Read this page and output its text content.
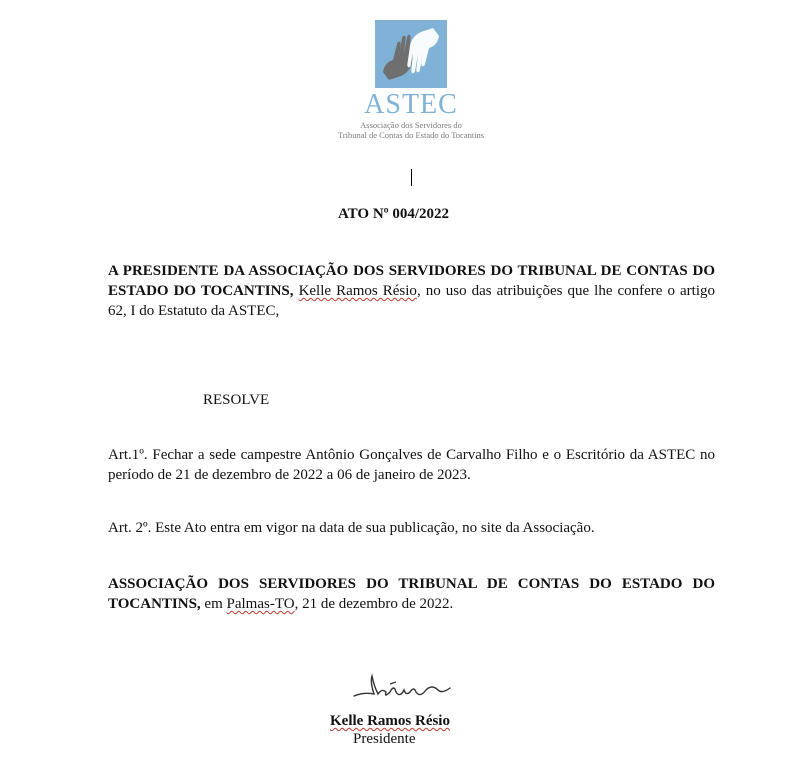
ASTEC
Associação dos Servidores do
Tribunal de Contas do Estado do Tocantins
ATO Nº 004/2022
A PRESIDENTE DA ASSOCIAÇÃO DOS SERVIDORES DO TRIBUNAL DE CONTAS DO ESTADO DO TOCANTINS, Kelle Ramos Résio, no uso das atribuições que lhe confere o artigo 62, I do Estatuto da ASTEC,
RESOLVE
Art.1º. Fechar a sede campestre Antônio Gonçalves de Carvalho Filho e o Escritório da ASTEC no período de 21 de dezembro de 2022 a 06 de janeiro de 2023.
Art. 2º. Este Ato entra em vigor na data de sua publicação, no site da Associação.
ASSOCIAÇÃO DOS SERVIDORES DO TRIBUNAL DE CONTAS DO ESTADO DO TOCANTINS, em Palmas-TO, 21 de dezembro de 2022.
Kelle Ramos Résio
Presidente
